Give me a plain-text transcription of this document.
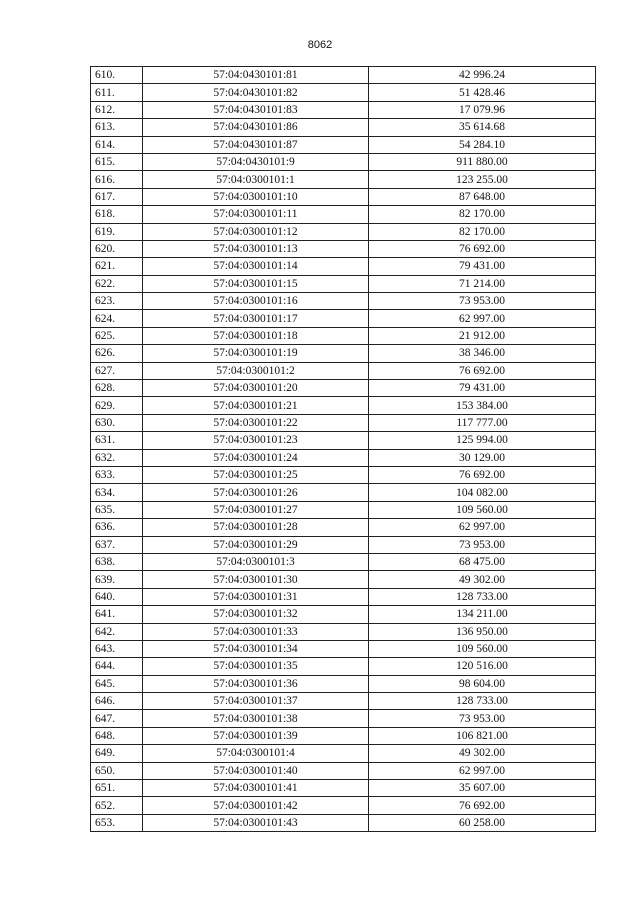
8062
610.	57:04:0430101:81	42 996.24
611.	57:04:0430101:82	51 428.46
612.	57:04:0430101:83	17 079.96
613.	57:04:0430101:86	35 614.68
614.	57:04:0430101:87	54 284.10
615.	57:04:0430101:9	911 880.00
616.	57:04:0300101:1	123 255.00
617.	57:04:0300101:10	87 648.00
618.	57:04:0300101:11	82 170.00
619.	57:04:0300101:12	82 170.00
620.	57:04:0300101:13	76 692.00
621.	57:04:0300101:14	79 431.00
622.	57:04:0300101:15	71 214.00
623.	57:04:0300101:16	73 953.00
624.	57:04:0300101:17	62 997.00
625.	57:04:0300101:18	21 912.00
626.	57:04:0300101:19	38 346.00
627.	57:04:0300101:2	76 692.00
628.	57:04:0300101:20	79 431.00
629.	57:04:0300101:21	153 384.00
630.	57:04:0300101:22	117 777.00
631.	57:04:0300101:23	125 994.00
632.	57:04:0300101:24	30 129.00
633.	57:04:0300101:25	76 692.00
634.	57:04:0300101:26	104 082.00
635.	57:04:0300101:27	109 560.00
636.	57:04:0300101:28	62 997.00
637.	57:04:0300101:29	73 953.00
638.	57:04:0300101:3	68 475.00
639.	57:04:0300101:30	49 302.00
640.	57:04:0300101:31	128 733.00
641.	57:04:0300101:32	134 211.00
642.	57:04:0300101:33	136 950.00
643.	57:04:0300101:34	109 560.00
644.	57:04:0300101:35	120 516.00
645.	57:04:0300101:36	98 604.00
646.	57:04:0300101:37	128 733.00
647.	57:04:0300101:38	73 953.00
648.	57:04:0300101:39	106 821.00
649.	57:04:0300101:4	49 302.00
650.	57:04:0300101:40	62 997.00
651.	57:04:0300101:41	35 607.00
652.	57:04:0300101:42	76 692.00
653.	57:04:0300101:43	60 258.00
